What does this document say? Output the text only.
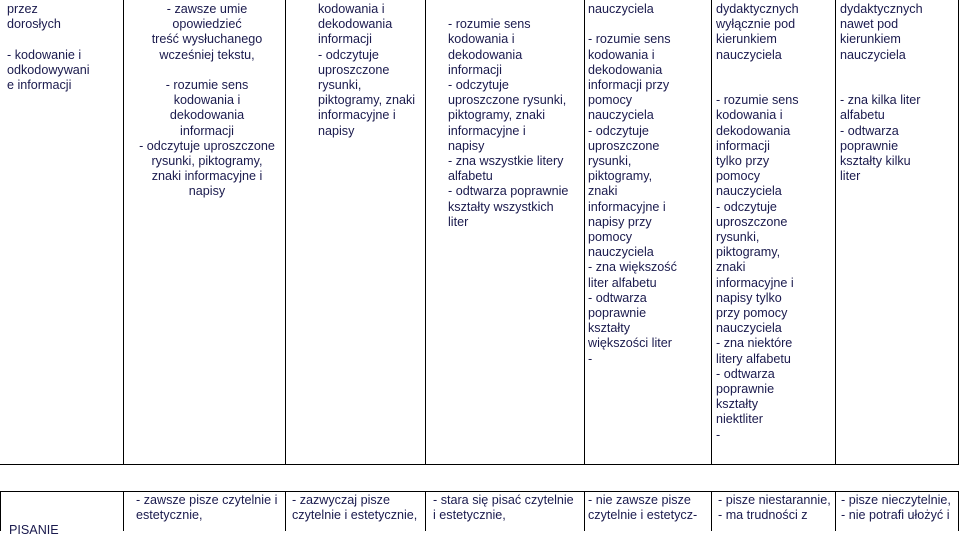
przez
dorosłych

- kodowanie i
odkodowywani
e informacji
- zawsze umie opowiedzieć
treść wysłuchanego
wcześniej tekstu,

- rozumie sens
kodowania i
dekodowania
informacji
- odczytuje uproszczone
rysunki, piktogramy,
znaki informacyjne i
napisy
kodowania i
dekodowania
informacji
- odczytuje
uproszczone
rysunki,
piktogramy, znaki
informacyjne i
napisy

- rozumie sens
kodowania i
dekodowania
informacji
- odczytuje
uproszczone rysunki,
piktogramy, znaki
informacyjne i
napisy
- zna wszystkie litery
alfabetu
- odtwarza poprawnie
kształty wszystkich
liter
nauczyciela

- rozumie sens
kodowania i
dekodowania
informacji przy
pomocy
nauczyciela
- odczytuje
uproszczone
rysunki,
piktogramy,
znaki
informacyjne i
napisy przy
pomocy
nauczyciela
- zna większość
liter alfabetu
- odtwarza
poprawnie
kształty
większości liter
-
dydaktycznych
wyłącznie pod
kierunkiem
nauczyciela

- rozumie sens
kodowania i
dekodowania
informacji
tylko przy
pomocy
nauczyciela
- odczytuje
uproszczone
rysunki,
piktogramy,
znaki
informacyjne i
napisy tylko
przy pomocy
nauczyciela
- zna niektóre
litery alfabetu
- odtwarza
poprawnie
kształty
niektliter
-
dydaktycznych
nawet pod
kierunkiem
nauczyciela

- zna kilka liter
alfabetu
- odtwarza
poprawnie
kształty kilku
liter

PISANIE

- zawsze pisze czytelnie i
estetycznie,
- zazwyczaj pisze
czytelnie i estetycznie,
- stara się pisać czytelnie
i estetycznie,
- nie zawsze pisze
czytelnie i estetycz-
- pisze niestarannie,
- ma trudności z
- pisze nieczytelnie,
- nie potrafi ułożyć i
